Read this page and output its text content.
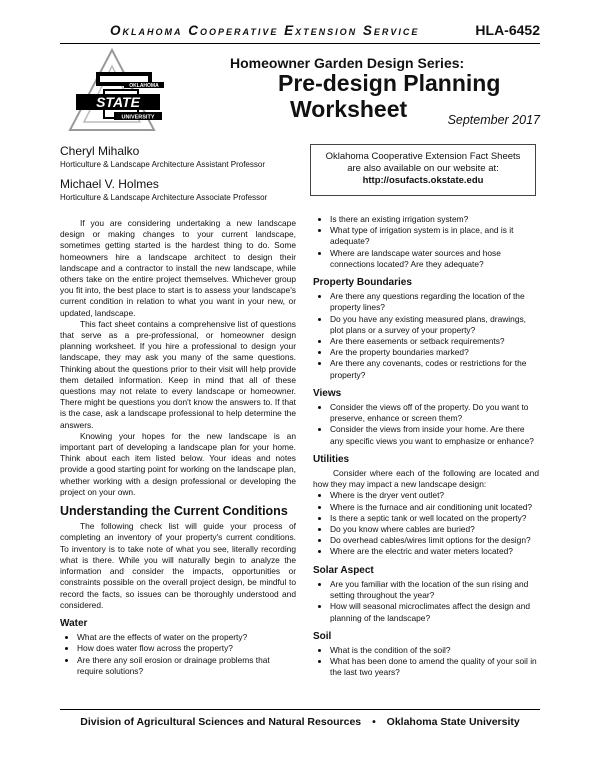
Oklahoma Cooperative Extension Service	HLA-6452
OKLAHOMA
STATE
UNIVERSITY
Homeowner Garden Design Series:
Pre-design Planning
Worksheet	September 2017
Cheryl Mihalko
Horticulture & Landscape Architecture Assistant Professor
Michael V. Holmes
Horticulture & Landscape Architecture Associate Professor
Oklahoma Cooperative Extension Fact Sheets
are also available on our website at:
http://osufacts.okstate.edu

If you are considering undertaking a new landscape design or making changes to your current landscape, sometimes getting started is the hardest thing to do. Some homeowners hire a landscape architect to design their landscape and a contractor to install the new landscape, while others take on the entire project themselves. Whichever group you fit into, the best place to start is to assess your landscape's current condition in relation to what you want in your new, or updated, landscape.

This fact sheet contains a comprehensive list of questions that serve as a pre-professional, or homeowner design planning worksheet. If you hire a professional to design your landscape, they may ask you many of the same questions. Thinking about the questions prior to their visit will help provide them detailed information. Keep in mind that all of these questions may not relate to every landscape or homeowner. There might be questions you don't know the answers to. If that is the case, ask a landscape professional to help determine the answers.

Knowing your hopes for the new landscape is an important part of developing a landscape plan for your home. Think about each item listed below. Your ideas and notes provide a good starting point for working on the landscape plan, whether working with a design professional or developing the project on your own.

Understanding the Current Conditions

The following check list will guide your process of completing an inventory of your property's current conditions. To inventory is to take note of what you see, literally recording what is there. While you will naturally begin to analyze the information and consider the impacts, opportunities or constraints possible on the overall project design, be mindful to record the facts, so issues can be thoroughly understood and considered.

Water
• What are the effects of water on the property?
• How does water flow across the property?
• Are there any soil erosion or drainage problems that require solutions?
• Is there an existing irrigation system?
• What type of irrigation system is in place, and is it adequate?
• Where are landscape water sources and hose connections located? Are they adequate?
Property Boundaries
• Are there any questions regarding the location of the property lines?
• Do you have any existing measured plans, drawings, plot plans or a survey of your property?
• Are there easements or setback requirements?
• Are the property boundaries marked?
• Are there any covenants, codes or restrictions for the property?
Views
• Consider the views off of the property. Do you want to preserve, enhance or screen them?
• Consider the views from inside your home. Are there any specific views you want to emphasize or enhance?
Utilities

Consider where each of the following are located and how they may impact a new landscape design:

• Where is the dryer vent outlet?
• Where is the furnace and air conditioning unit located?
• Is there a septic tank or well located on the property?
• Do you know where cables are buried?
• Do overhead cables/wires limit options for the design?
• Where are the electric and water meters located?
Solar Aspect
• Are you familiar with the location of the sun rising and setting throughout the year?
• How will seasonal microclimates affect the design and planning of the landscape?
Soil
• What is the condition of the soil?
• What has been done to amend the quality of your soil in the last two years?
Division of Agricultural Sciences and Natural Resources • Oklahoma State University
